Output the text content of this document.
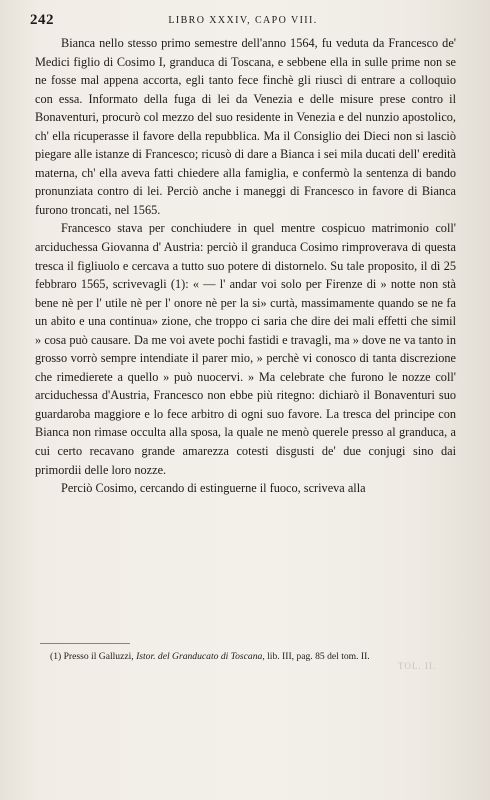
242	LIBRO XXXIV, CAPO VIII.

Bianca nello stesso primo semestre dell'anno 1564, fu veduta da Francesco de' Medici figlio di Cosimo I, granduca di Toscana, e sebbene ella in sulle prime non se ne fosse mal appena accorta, egli tanto fece finchè gli riuscì di entrare a colloquio con essa. Informato della fuga di lei da Venezia e delle misure prese contro il Bonaventuri, procurò col mezzo del suo residente in Venezia e del nunzio apostolico, ch' ella ricuperasse il favore della repubblica. Ma il Consiglio dei Dieci non si lasciò piegare alle istanze di Francesco; ricusò di dare a Bianca i sei mila ducati dell' eredità materna, ch' ella aveva fatti chiedere alla famiglia, e confermò la sentenza di bando pronunziata contro di lei. Perciò anche i maneggi di Francesco in favore di Bianca furono troncati, nel 1565.

Francesco stava per conchiudere in quel mentre cospicuo matrimonio coll' arciduchessa Giovanna d' Austria: perciò il granduca Cosimo rimproverava di questa tresca il figliuolo e cercava a tutto suo potere di distornelo. Su tale proposito, il dì 25 febbraro 1565, scrivevagli (1): « — l' andar voi solo per Firenze di » notte non stà bene nè per l' utile nè per l' onore nè per la si» curtà, massimamente quando se ne fa un abito e una continua» zione, che troppo ci saria che dire dei mali effetti che simil » cosa può causare. Da me voi avete pochi fastidi e travagli, ma » dove ne va tanto in grosso vorrò sempre intendiate il parer mio, » perchè vi conosco di tanta discrezione che rimedierete a quello » può nuocervi. » Ma celebrate che furono le nozze coll' arciduchessa d'Austria, Francesco non ebbe più ritegno: dichiarò il Bonaventuri suo guardaroba maggiore e lo fece arbitro di ogni suo favore. La tresca del principe con Bianca non rimase occulta alla sposa, la quale ne menò querele presso al granduca, a cui certo recavano grande amarezza cotesti disgusti de' due conjugi sino dai primordii delle loro nozze.

Perciò Cosimo, cercando di estinguerne il fuoco, scriveva alla

(1) Presso il Galluzzi, Istor. del Granducato di Toscana, lib. III, pag. 85 del tom. II.
TOL. II.
